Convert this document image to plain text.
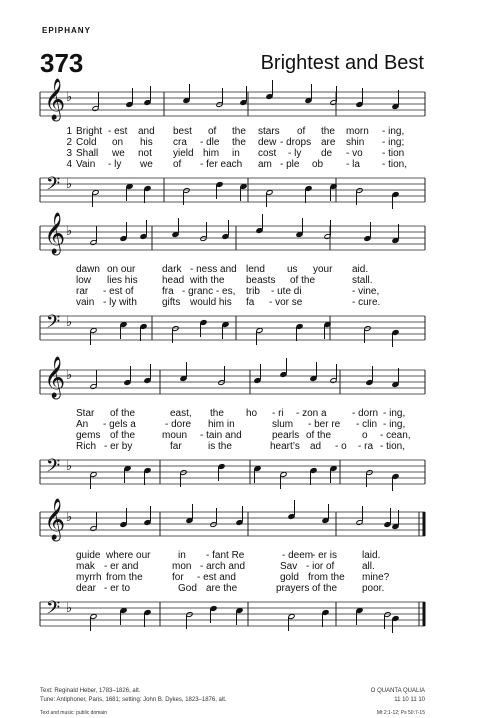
EPIPHANY
373	Brightest and Best
𝄞 ♭
1 Bright - est and best of the stars of the morn - ing,
2 Cold on his cra - dle the dew - drops are shin - ing;
3 Shall we not yield him in cost - ly de - vo - tion
4 Vain - ly we of - fer each am - ple ob - la - tion,
𝄢 ♭
𝄞 ♭
dawn on our	dark - ness and lend us your aid.
low lies his head with the beasts of the	stall.
rar - est of	fra - granc - es, trib - ute di	- vine,
vain - ly with	gifts would his fa - vor se	- cure.
𝄢 ♭
𝄞 ♭
Star of the	east, the ho - ri - zon a	- dorn - ing,
An - gels a	- dore him in	slum - ber re - clin - ing,
gems of the	moun - tain and	pearls of the	o - cean,
Rich - er by	far	is the	heart’s ad - o - ra - tion,
𝄢 ♭
𝄞 ♭
guide where our	in - fant Re	- deem
- er is	laid.
mak - er and	mon - arch and	Sav - ior of	all.
myrrh from the	for - est and	gold from the mine?
dear - er to	God are the	prayers of the poor.
𝄢 ♭
Text: Reginald Heber, 1783–1826, alt.
Tune: Antiphoner, Paris, 1681; setting: John B. Dykes, 1823–1876, alt.
Text and music: public domain
O QUANTA QUALIA
11 10 11 10
Mt 2:1-12; Ps 50:7-15
